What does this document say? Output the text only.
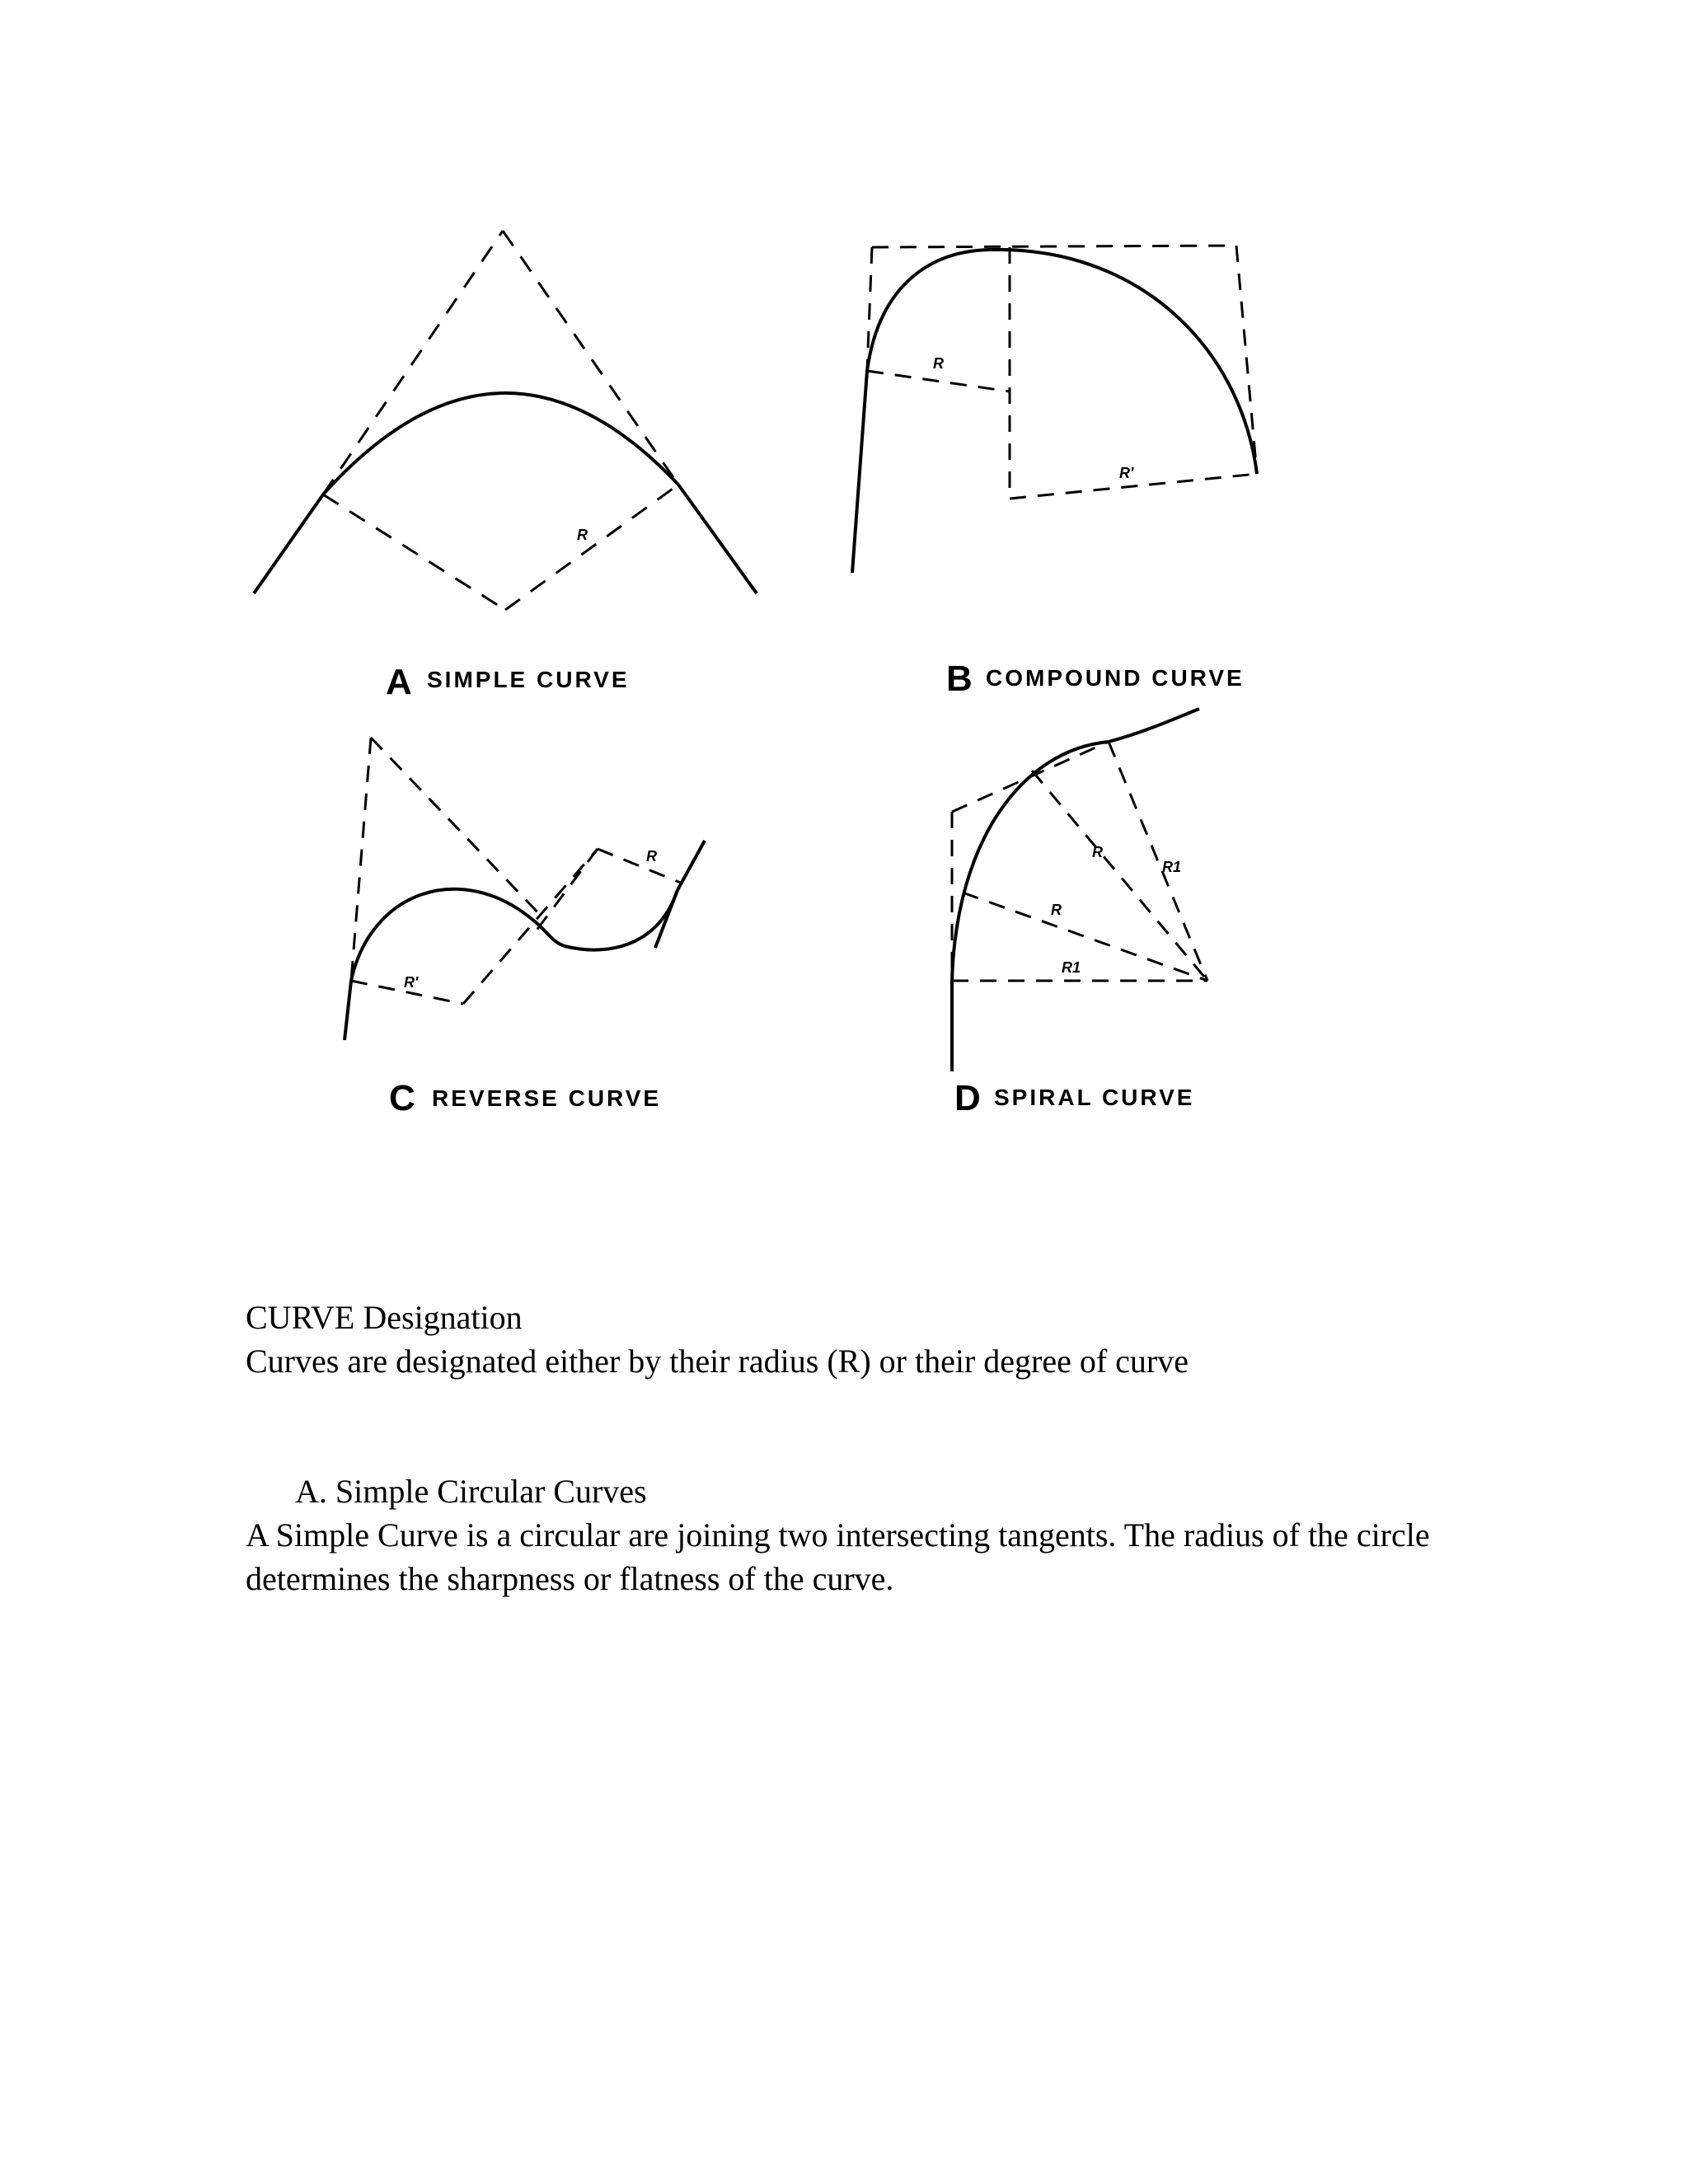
R
A SIMPLE CURVE
R
R'
B COMPOUND CURVE
R'
R
C REVERSE CURVE
R
R1
R
R1
D SPIRAL CURVE
CURVE Designation
Curves are designated either by their radius (R) or their degree of curve
A. Simple Circular Curves
A Simple Curve is a circular are joining two intersecting tangents. The radius of the circle
determines the sharpness or flatness of the curve.
